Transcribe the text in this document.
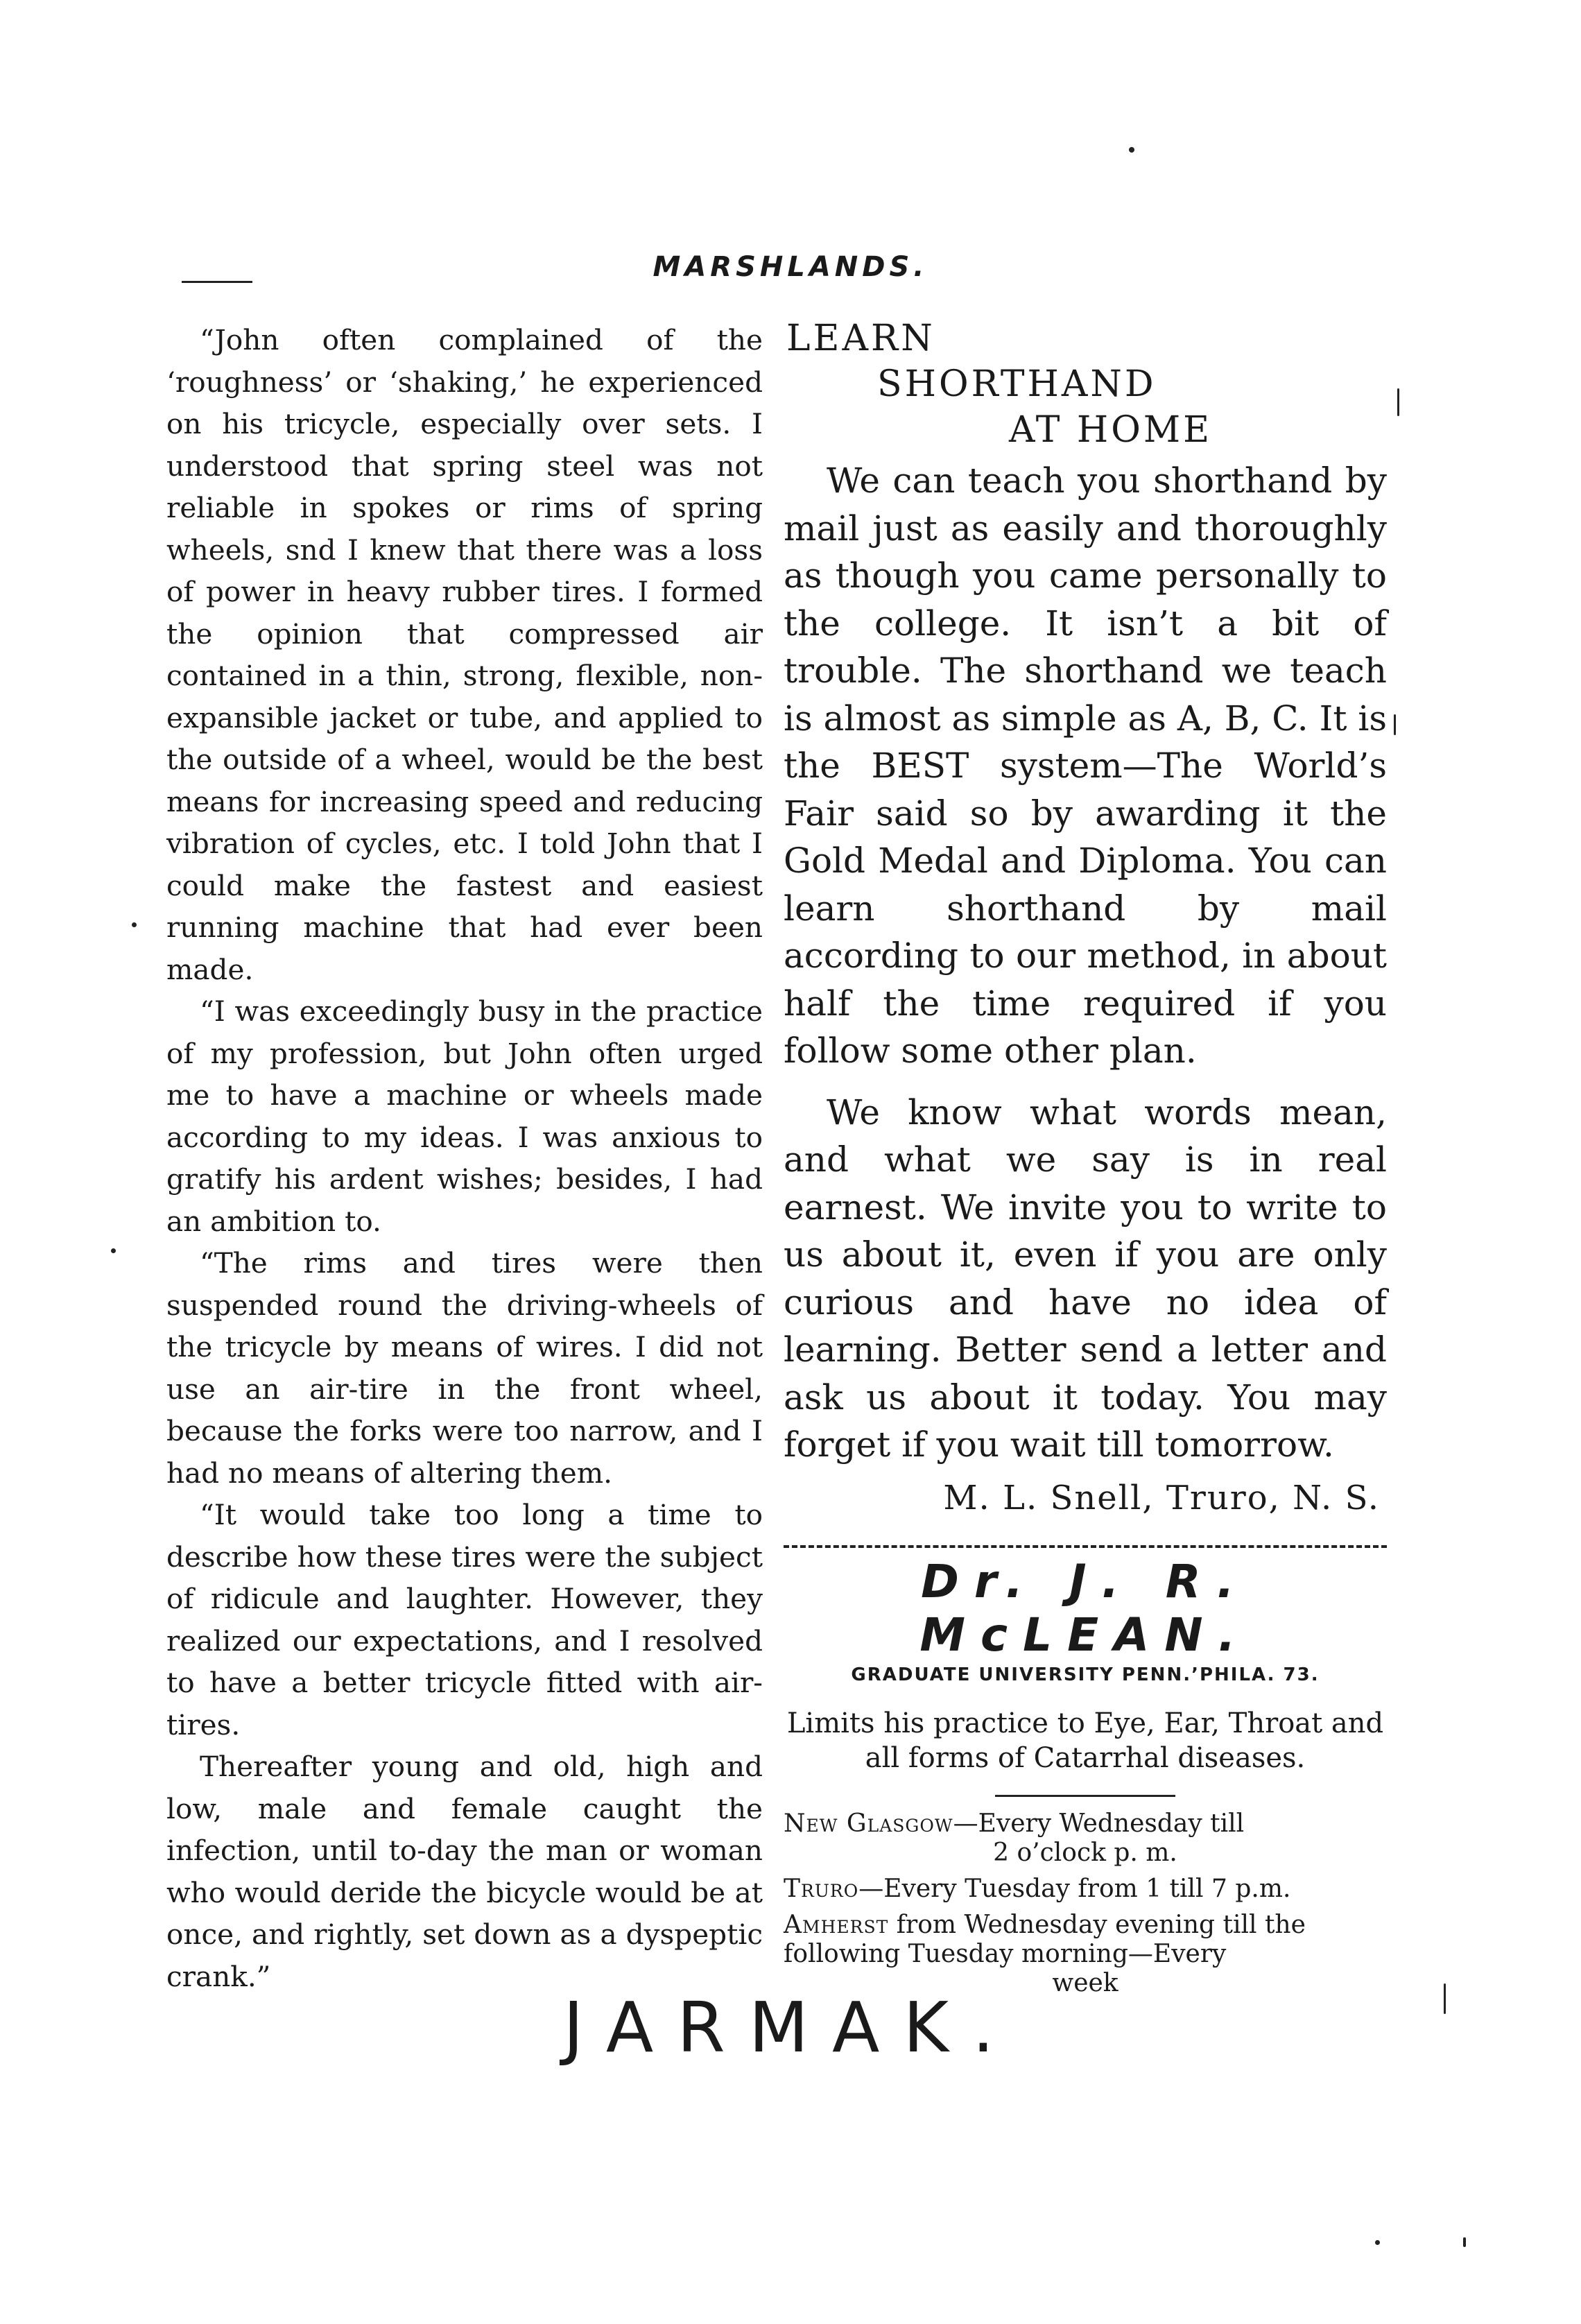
MARSHLANDS.

“John often complained of the ‘roughness’ or ‘shaking,’ he experienced on his tricycle, especially over sets. I understood that spring steel was not reliable in spokes or rims of spring wheels, snd I knew that there was a loss of power in heavy rubber tires. I formed the opinion that compressed air contained in a thin, strong, flexible, non-expansible jacket or tube, and applied to the outside of a wheel, would be the best means for increasing speed and reducing vibration of cycles, etc. I told John that I could make the fastest and easiest running machine that had ever been made.

“I was exceedingly busy in the practice of my profession, but John often urged me to have a machine or wheels made according to my ideas. I was anxious to gratify his ardent wishes; besides, I had an ambition to.

“The rims and tires were then suspended round the driving-wheels of the tricycle by means of wires. I did not use an air-tire in the front wheel, because the forks were too narrow, and I had no means of altering them.

“It would take too long a time to describe how these tires were the subject of ridicule and laughter. However, they realized our expectations, and I resolved to have a better tricycle fitted with air-tires.

Thereafter young and old, high and low, male and female caught the infection, until to-day the man or woman who would deride the bicycle would be at once, and rightly, set down as a dyspeptic crank.”

LEARN
SHORTHAND
AT HOME

We can teach you shorthand by mail just as easily and thoroughly as though you came personally to the college. It isn’t a bit of trouble. The shorthand we teach is almost as simple as A, B, C. It is the BEST system—The World’s Fair said so by awarding it the Gold Medal and Diploma. You can learn shorthand by mail according to our method, in about half the time required if you follow some other plan.

We know what words mean, and what we say is in real earnest. We invite you to write to us about it, even if you are only curious and have no idea of learning. Better send a letter and ask us about it today. You may forget if you wait till tomorrow.

M. L. Snell, Truro, N. S.
Dr. J. R. McLEAN.
GRADUATE UNIVERSITY PENN.’PHILA. 73.
Limits his practice to Eye, Ear, Throat and all forms of Catarrhal diseases.
New Glasgow—Every Wednesday till
2 o’clock p. m.
Truro—Every Tuesday from 1 till 7 p.m.
Amherst from Wednesday evening till the following Tuesday morning—Every
week
JARMAK.
